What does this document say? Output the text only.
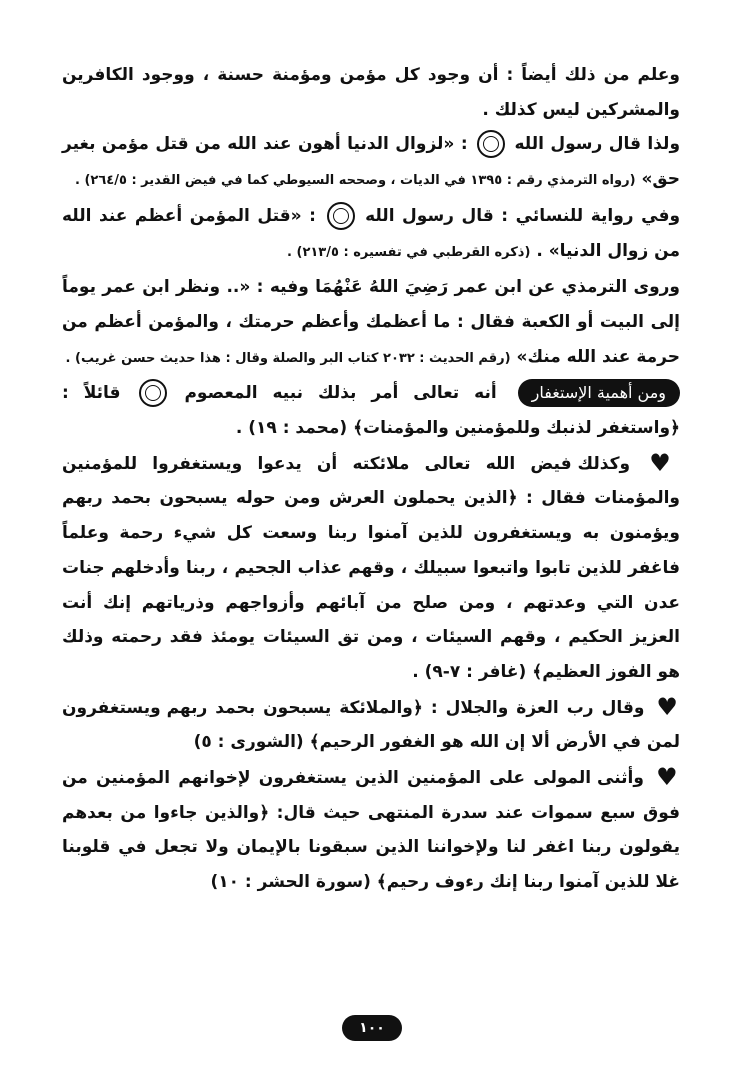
وعلم من ذلك أيضاً : أن وجود كل مؤمن ومؤمنة حسنة ، ووجود الكافرين والمشركين ليس كذلك .

ولذا قال رسول الله  : «لزوال الدنيا أهون عند الله من قتل مؤمن بغير حق» (رواه الترمذي رقم : ١٣٩٥ في الديات ، وصححه السيوطي كما في فيض القدير : ٢٦٤/٥) .

وفي رواية للنسائي : قال رسول الله  : «قتل المؤمن أعظم عند الله من زوال الدنيا» . (ذكره القرطبي في تفسيره : ٢١٣/٥) .

وروى الترمذي عن ابن عمر رَضِيَ اللهُ عَنْهُمَا وفيه : «.. ونظر ابن عمر يوماً إلى البيت أو الكعبة فقال : ما أعظمك وأعظم حرمتك ، والمؤمن أعظم من حرمة عند الله منك» (رقم الحديث : ٢٠٣٢ كتاب البر والصلة وقال : هذا حديث حسن غريب) .

ومن أهمية الإستغفار أنه تعالى أمر بذلك نبيه المعصوم  قائلاً : ﴿واستغفر لذنبك وللمؤمنين والمؤمنات﴾ (محمد : ١٩) .

♥ وكذلك فيض الله تعالى ملائكته أن يدعوا ويستغفروا للمؤمنين والمؤمنات فقال : ﴿الذين يحملون العرش ومن حوله يسبحون بحمد ربهم ويؤمنون به ويستغفرون للذين آمنوا ربنا وسعت كل شيء رحمة وعلماً فاغفر للذين تابوا واتبعوا سبيلك ، وقهم عذاب الجحيم ، ربنا وأدخلهم جنات عدن التي وعدتهم ، ومن صلح من آبائهم وأزواجهم وذرياتهم إنك أنت العزيز الحكيم ، وقهم السيئات ، ومن تق السيئات يومئذ فقد رحمته وذلك هو الفوز العظيم﴾ (غافر : ٧-٩) .

♥ وقال رب العزة والجلال : ﴿والملائكة يسبحون بحمد ربهم ويستغفرون لمن في الأرض ألا إن الله هو الغفور الرحيم﴾ (الشورى : ٥)

♥ وأثنى المولى على المؤمنين الذين يستغفرون لإخوانهم المؤمنين من فوق سبع سموات عند سدرة المنتهى حيث قال: ﴿والذين جاءوا من بعدهم يقولون ربنا اغفر لنا ولإخواننا الذين سبقونا بالإيمان ولا تجعل في قلوبنا غلا للذين آمنوا ربنا إنك رءوف رحيم﴾ (سورة الحشر : ١٠)

١٠٠
